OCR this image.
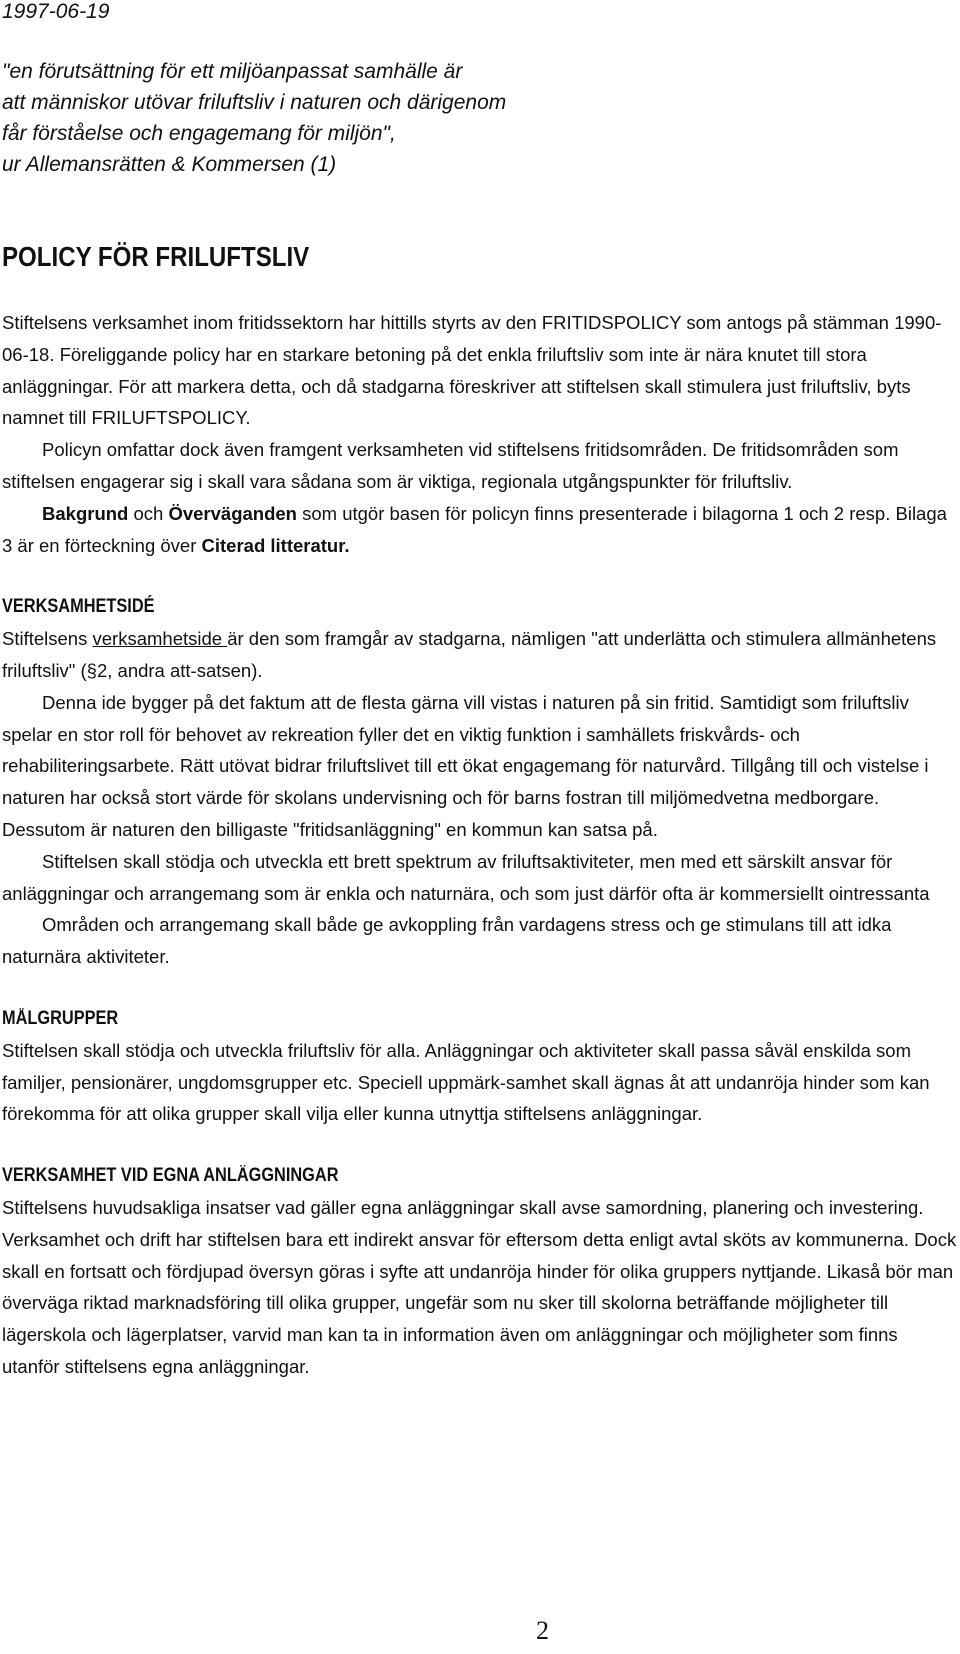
1997-06-19
"en förutsättning för ett miljöanpassat samhälle är
att människor utövar friluftsliv i naturen och därigenom
får förståelse och engagemang för miljön",
ur Allemansrätten & Kommersen (1)
POLICY FÖR FRILUFTSLIV

Stiftelsens verksamhet inom fritidssektorn har hittills styrts av den FRITIDSPOLICY som antogs på stämman 1990-06-18. Föreliggande policy har en starkare betoning på det enkla friluftsliv som inte är nära knutet till stora anläggningar. För att markera detta, och då stadgarna föreskriver att stiftelsen skall stimulera just friluftsliv, byts namnet till FRILUFTSPOLICY.

Policyn omfattar dock även framgent verksamheten vid stiftelsens fritidsområden. De fritidsområden som stiftelsen engagerar sig i skall vara sådana som är viktiga, regionala utgångspunkter för friluftsliv.

Bakgrund och Överväganden som utgör basen för policyn finns presenterade i bilagorna 1 och 2 resp. Bilaga 3 är en förteckning över Citerad litteratur.

VERKSAMHETSIDÉ

Stiftelsens verksamhetside är den som framgår av stadgarna, nämligen "att underlätta och stimulera allmänhetens friluftsliv" (§2, andra att-satsen).

Denna ide bygger på det faktum att de flesta gärna vill vistas i naturen på sin fritid. Samtidigt som friluftsliv spelar en stor roll för behovet av rekreation fyller det en viktig funktion i samhällets friskvårds- och rehabiliteringsarbete. Rätt utövat bidrar friluftslivet till ett ökat engagemang för naturvård. Tillgång till och vistelse i naturen har också stort värde för skolans undervisning och för barns fostran till miljömedvetna medborgare. Dessutom är naturen den billigaste "fritidsanläggning" en kommun kan satsa på.

Stiftelsen skall stödja och utveckla ett brett spektrum av friluftsaktiviteter, men med ett särskilt ansvar för anläggningar och arrangemang som är enkla och naturnära, och som just därför ofta är kommersiellt ointressanta

Områden och arrangemang skall både ge avkoppling från vardagens stress och ge stimulans till att idka naturnära aktiviteter.

MÅLGRUPPER

Stiftelsen skall stödja och utveckla friluftsliv för alla. Anläggningar och aktiviteter skall passa såväl enskilda som familjer, pensionärer, ungdomsgrupper etc. Speciell uppmärk-samhet skall ägnas åt att undanröja hinder som kan förekomma för att olika grupper skall vilja eller kunna utnyttja stiftelsens anläggningar.

VERKSAMHET VID EGNA ANLÄGGNINGAR

Stiftelsens huvudsakliga insatser vad gäller egna anläggningar skall avse samordning, planering och investering. Verksamhet och drift har stiftelsen bara ett indirekt ansvar för eftersom detta enligt avtal sköts av kommunerna. Dock skall en fortsatt och fördjupad översyn göras i syfte att undanröja hinder för olika gruppers nyttjande. Likaså bör man överväga riktad marknadsföring till olika grupper, ungefär som nu sker till skolorna beträffande möjligheter till lägerskola och lägerplatser, varvid man kan ta in information även om anläggningar och möjligheter som finns utanför stiftelsens egna anläggningar.

2
